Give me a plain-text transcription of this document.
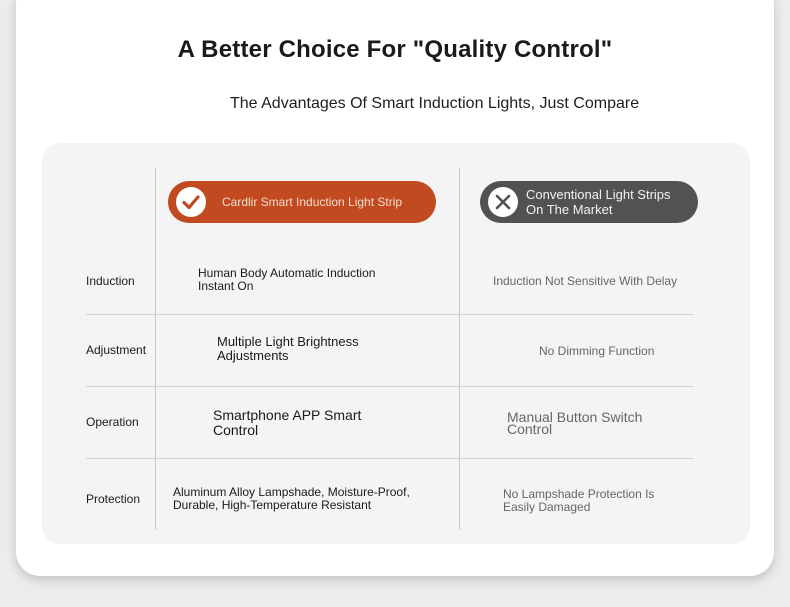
A Better Choice For "Quality Control"
The Advantages Of Smart Induction Lights, Just Compare
Cardlir Smart Induction Light Strip	Conventional Light Strips
On The Market
Induction
Adjustment
Operation
Protection
Human Body Automatic Induction
Instant On
Multiple Light Brightness
Adjustments
Smartphone APP Smart
Control
Aluminum Alloy Lampshade, Moisture-Proof,
Durable, High-Temperature Resistant
Induction Not Sensitive With Delay
No Dimming Function
Manual Button Switch
Control
No Lampshade Protection Is
Easily Damaged
